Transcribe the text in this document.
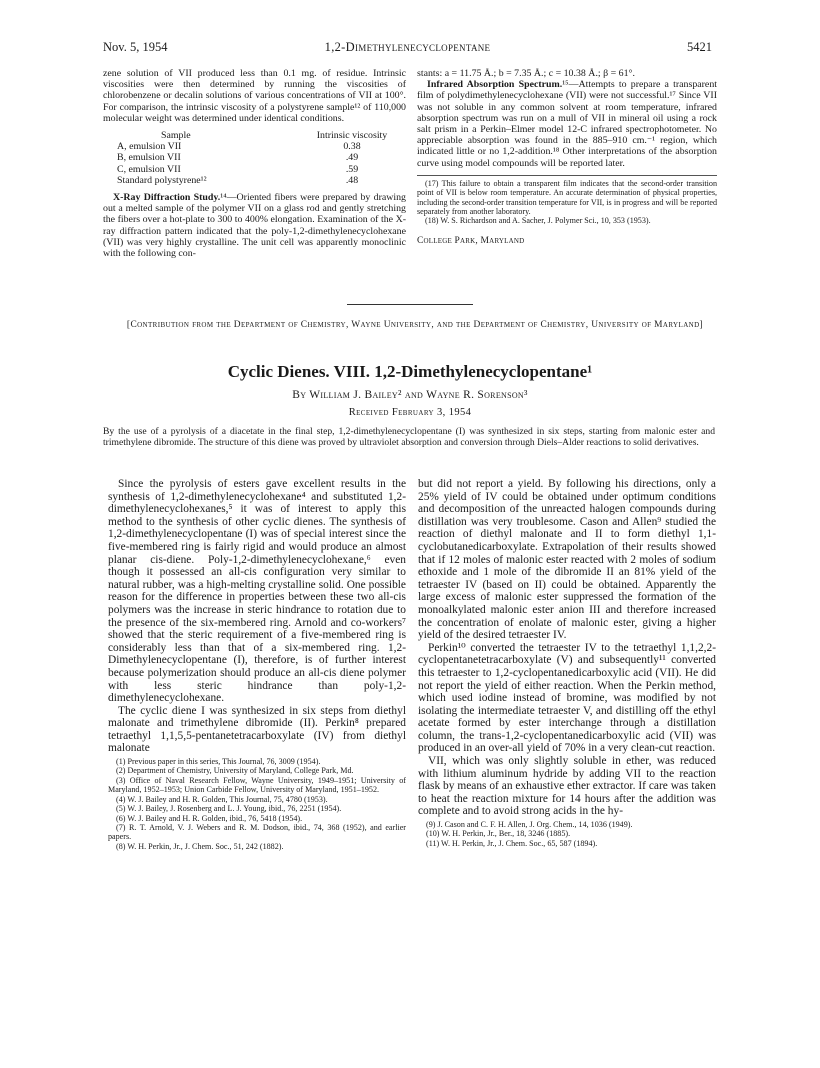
Nov. 5, 1954	1,2-Dimethylenecyclopentane	5421

zene solution of VII produced less than 0.1 mg. of residue. Intrinsic viscosities were then determined by running the viscosities of chlorobenzene or decalin solutions of various concentrations of VII at 100°. For comparison, the intrinsic viscosity of a polystyrene sample¹² of 110,000 molecular weight was determined under identical conditions.

Sample	Intrinsic viscosity
A, emulsion VII	0.38
B, emulsion VII	.49
C, emulsion VII	.59
Standard polystyrene¹²	.48

X-Ray Diffraction Study.¹⁴—Oriented fibers were prepared by drawing out a melted sample of the polymer VII on a glass rod and gently stretching the fibers over a hot-plate to 300 to 400% elongation. Examination of the X-ray diffraction pattern indicated that the poly-1,2-dimethylenecyclohexane (VII) was very highly crystalline. The unit cell was apparently monoclinic with the following con-

stants: a = 11.75 Å.; b = 7.35 Å.; c = 10.38 Å.; β = 61°.

Infrared Absorption Spectrum.¹⁵—Attempts to prepare a transparent film of polydimethylenecyclohexane (VII) were not successful.¹⁷ Since VII was not soluble in any common solvent at room temperature, infrared absorption spectrum was run on a mull of VII in mineral oil using a rock salt prism in a Perkin–Elmer model 12-C infrared spectrophotometer. No appreciable absorption was found in the 885–910 cm.⁻¹ region, which indicated little or no 1,2-addition.¹⁸ Other interpretations of the absorption curve using model compounds will be reported later.

(17) This failure to obtain a transparent film indicates that the second-order transition point of VII is below room temperature. An accurate determination of physical properties, including the second-order transition temperature for VII, is in progress and will be reported separately from another laboratory.

(18) W. S. Richardson and A. Sacher, J. Polymer Sci., 10, 353 (1953).

College Park, Maryland
[Contribution from the Department of Chemistry, Wayne University, and the Department of Chemistry, University of Maryland]
Cyclic Dienes. VIII. 1,2-Dimethylenecyclopentane¹
By William J. Bailey² and Wayne R. Sorenson³
Received February 3, 1954
By the use of a pyrolysis of a diacetate in the final step, 1,2-dimethylenecyclopentane (I) was synthesized in six steps, starting from malonic ester and trimethylene dibromide. The structure of this diene was proved by ultraviolet absorption and conversion through Diels–Alder reactions to solid derivatives.

Since the pyrolysis of esters gave excellent results in the synthesis of 1,2-dimethylenecyclohexane⁴ and substituted 1,2-dimethylenecyclohexanes,⁵ it was of interest to apply this method to the synthesis of other cyclic dienes. The synthesis of 1,2-dimethylenecyclopentane (I) was of special interest since the five-membered ring is fairly rigid and would produce an almost planar cis-diene. Poly-1,2-dimethylenecyclohexane,⁶ even though it possessed an all-cis configuration very similar to natural rubber, was a high-melting crystalline solid. One possible reason for the difference in properties between these two all-cis polymers was the increase in steric hindrance to rotation due to the presence of the six-membered ring. Arnold and co-workers⁷ showed that the steric requirement of a five-membered ring is considerably less than that of a six-membered ring. 1,2-Dimethylenecyclopentane (I), therefore, is of further interest because polymerization should produce an all-cis diene polymer with less steric hindrance than poly-1,2-dimethylenecyclohexane.

The cyclic diene I was synthesized in six steps from diethyl malonate and trimethylene dibromide (II). Perkin⁸ prepared tetraethyl 1,1,5,5-pentanetetracarboxylate (IV) from diethyl malonate

(1) Previous paper in this series, This Journal, 76, 3009 (1954).

(2) Department of Chemistry, University of Maryland, College Park, Md.

(3) Office of Naval Research Fellow, Wayne University, 1949–1951; University of Maryland, 1952–1953; Union Carbide Fellow, University of Maryland, 1951–1952.

(4) W. J. Bailey and H. R. Golden, This Journal, 75, 4780 (1953).

(5) W. J. Bailey, J. Rosenberg and L. J. Young, ibid., 76, 2251 (1954).

(6) W. J. Bailey and H. R. Golden, ibid., 76, 5418 (1954).

(7) R. T. Arnold, V. J. Webers and R. M. Dodson, ibid., 74, 368 (1952), and earlier papers.

(8) W. H. Perkin, Jr., J. Chem. Soc., 51, 242 (1882).

but did not report a yield. By following his directions, only a 25% yield of IV could be obtained under optimum conditions and decomposition of the unreacted halogen compounds during distillation was very troublesome. Cason and Allen⁹ studied the reaction of diethyl malonate and II to form diethyl 1,1-cyclobutanedicarboxylate. Extrapolation of their results showed that if 12 moles of malonic ester reacted with 2 moles of sodium ethoxide and 1 mole of the dibromide II an 81% yield of the tetraester IV (based on II) could be obtained. Apparently the large excess of malonic ester suppressed the formation of the monoalkylated malonic ester anion III and therefore increased the concentration of enolate of malonic ester, giving a higher yield of the desired tetraester IV.

Perkin¹⁰ converted the tetraester IV to the tetraethyl 1,1,2,2-cyclopentanetetracarboxylate (V) and subsequently¹¹ converted this tetraester to 1,2-cyclopentanedicarboxylic acid (VII). He did not report the yield of either reaction. When the Perkin method, which used iodine instead of bromine, was modified by not isolating the intermediate tetraester V, and distilling off the ethyl acetate formed by ester interchange through a distillation column, the trans-1,2-cyclopentanedicarboxylic acid (VII) was produced in an over-all yield of 70% in a very clean-cut reaction.

VII, which was only slightly soluble in ether, was reduced with lithium aluminum hydride by adding VII to the reaction flask by means of an exhaustive ether extractor. If care was taken to heat the reaction mixture for 14 hours after the addition was complete and to avoid strong acids in the hy-

(9) J. Cason and C. F. H. Allen, J. Org. Chem., 14, 1036 (1949).

(10) W. H. Perkin, Jr., Ber., 18, 3246 (1885).

(11) W. H. Perkin, Jr., J. Chem. Soc., 65, 587 (1894).
